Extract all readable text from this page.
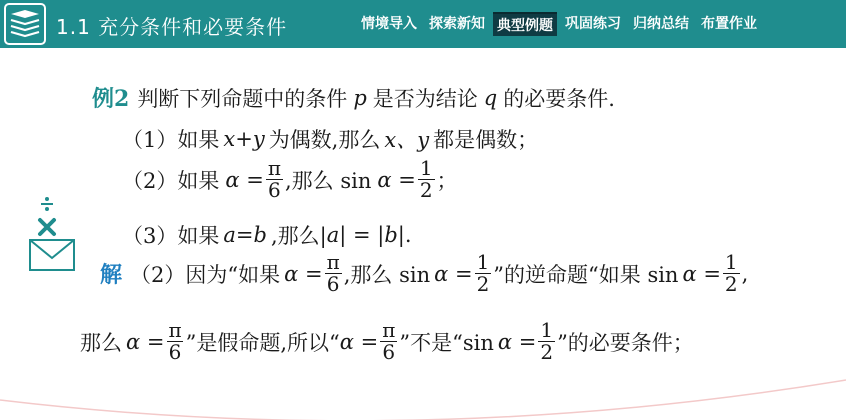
1.1 充分条件和必要条件	情境导入 探索新知 典型例题 巩固练习 归纳总结 布置作业
例2 判断下列命题中的条件 p 是否为结论 q 的必要条件.
（1） 如果 x+y 为偶数,那么 x、y 都是偶数；
（2） 如果 $\alpha = \frac{\pi}{6}$ ,那么 $\sin \alpha = \frac{1}{2}$ ；
（3） 如果 a=b ,那么| a | = | b |.
解 （2）因为“如果 $\alpha = \frac{\pi}{6}$ ,那么 $\sin \alpha = \frac{1}{2}$ ”的逆命题“如果 $\sin \alpha = \frac{1}{2}$ ,
那么 $\alpha = \frac{\pi}{6}$ ”是假命题,所以“ $\alpha = \frac{\pi}{6}$ ”不是“sin $\alpha = \frac{1}{2}$ ”的必要条件；
